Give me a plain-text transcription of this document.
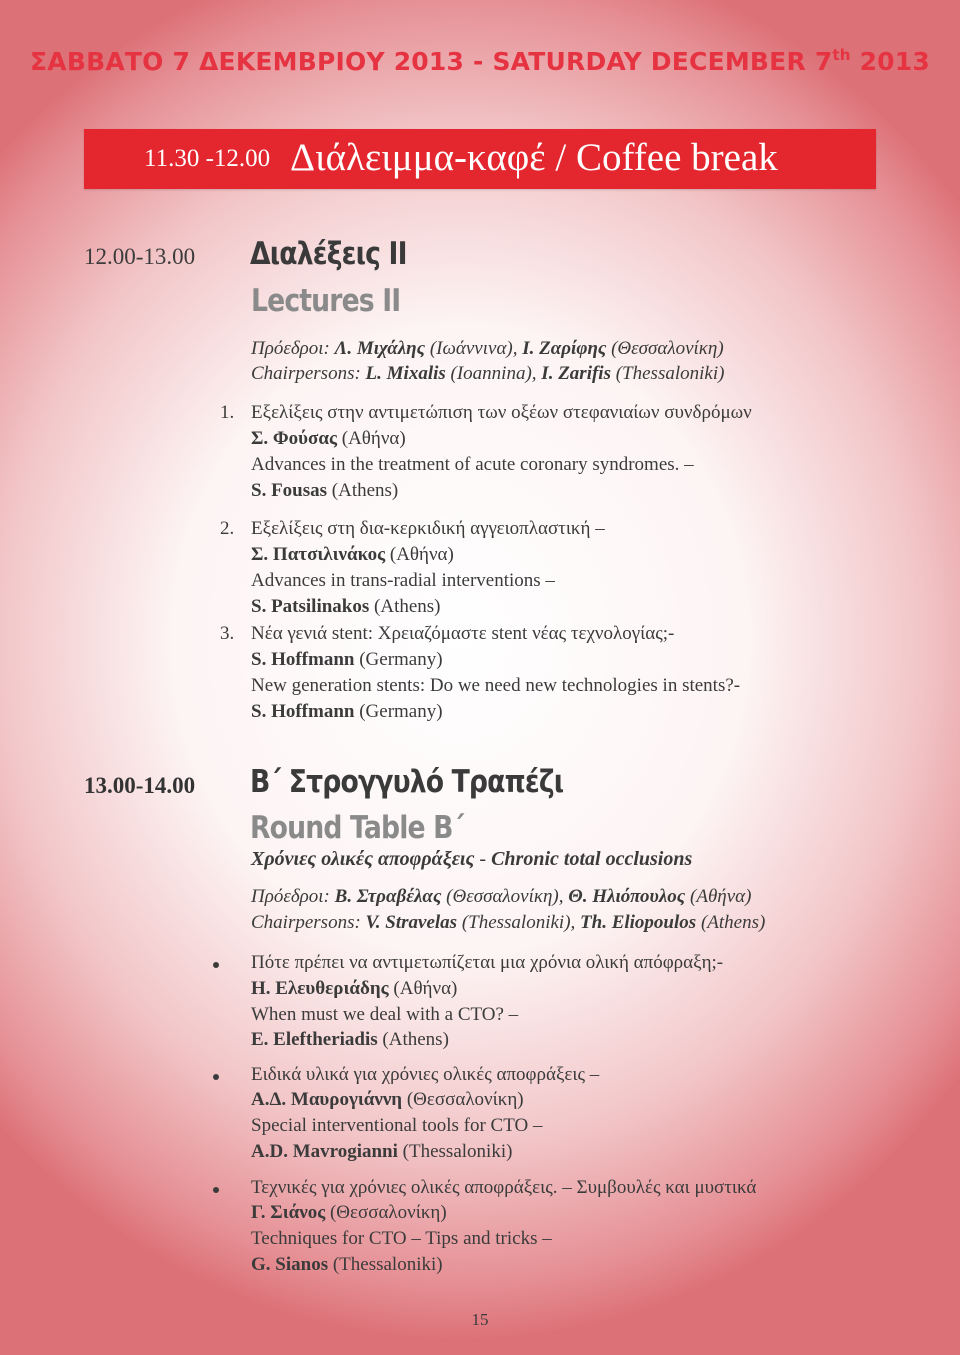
ΣΑΒΒΑΤΟ 7 ΔΕΚΕΜΒΡΙΟΥ 2013 - SATURDAY DECEMBER 7th 2013
11.30 -12.00 Διάλειμμα-καφέ / Coffee break
12.00-13.00 Διαλέξεις ΙΙ
Lectures II
Πρόεδροι: Λ. Μιχάλης (Ιωάννινα), Ι. Ζαρίφης (Θεσσαλονίκη)
Chairpersons: L. Mixalis (Ioannina), I. Zarifis (Thessaloniki)
1. Εξελίξεις στην αντιμετώπιση των οξέων στεφανιαίων συνδρόμων
Σ. Φούσας (Αθήνα)
Advances in the treatment of acute coronary syndromes. –
S. Fousas (Athens)
2. Εξελίξεις στη δια-κερκιδική αγγειοπλαστική –
Σ. Πατσιλινάκος (Αθήνα)
Advances in trans-radial interventions –
S. Patsilinakos (Athens)
3. Νέα γενιά stent: Χρειαζόμαστε stent νέας τεχνολογίας;-
S. Hoffmann (Germany)
New generation stents: Do we need new technologies in stents?-
S. Hoffmann (Germany)
13.00-14.00 Β΄ Στρογγυλό Τραπέζι
Round Table B΄
Χρόνιες ολικές αποφράξεις - Chronic total occlusions
Πρόεδροι: Β. Στραβέλας (Θεσσαλονίκη), Θ. Ηλιόπουλος (Αθήνα)
Chairpersons: V. Stravelas (Thessaloniki), Th. Eliopoulos (Athens)
Πότε πρέπει να αντιμετωπίζεται μια χρόνια ολική απόφραξη;-
Η. Ελευθεριάδης (Αθήνα)
When must we deal with a CTO? –
E. Eleftheriadis (Athens)
Ειδικά υλικά για χρόνιες ολικές αποφράξεις –
Α.Δ. Μαυρογιάννη (Θεσσαλονίκη)
Special interventional tools for CTO –
A.D. Mavrogianni (Thessaloniki)
Τεχνικές για χρόνιες ολικές αποφράξεις. – Συμβουλές και μυστικά
Γ. Σιάνος (Θεσσαλονίκη)
Techniques for CTO – Tips and tricks –
G. Sianos (Thessaloniki)
15
